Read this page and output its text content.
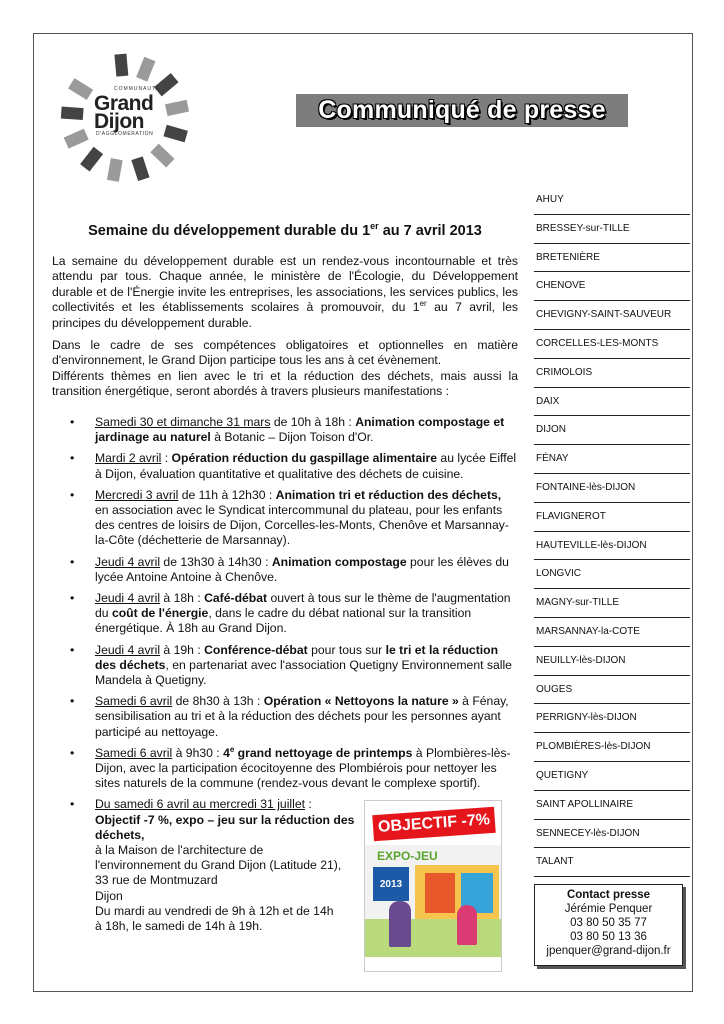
COMMUNAUTÉ
Grand
Dijon
D'AGGLOMÉRATION
Communiqué de presse
AHUY
BRESSEY-sur-TILLE
BRETENIÈRE
CHENOVE
CHEVIGNY-SAINT-SAUVEUR
CORCELLES-LES-MONTS
CRIMOLOIS
DAIX
DIJON
FÉNAY
FONTAINE-lès-DIJON
FLAVIGNEROT
HAUTEVILLE-lès-DIJON
LONGVIC
MAGNY-sur-TILLE
MARSANNAY-la-COTE
NEUILLY-lès-DIJON
OUGES
PERRIGNY-lès-DIJON
PLOMBIÈRES-lès-DIJON
QUETIGNY
SAINT APOLLINAIRE
SENNECEY-lès-DIJON
TALANT
Semaine du développement durable du 1er au 7 avril 2013
La semaine du développement durable est un rendez-vous incontournable et très attendu par tous. Chaque année, le ministère de l'Écologie, du Développement durable et de l'Énergie invite les entreprises, les associations, les services publics, les collectivités et les établissements scolaires à promouvoir, du 1er au 7 avril, les principes du développement durable.
Dans le cadre de ses compétences obligatoires et optionnelles en matière d'environnement, le Grand Dijon participe tous les ans à cet évènement.
Différents thèmes en lien avec le tri et la réduction des déchets, mais aussi la transition énergétique, seront abordés à travers plusieurs manifestations :
• Samedi 30 et dimanche 31 mars de 10h à 18h : Animation compostage et jardinage au naturel à Botanic – Dijon Toison d'Or.
• Mardi 2 avril : Opération réduction du gaspillage alimentaire au lycée Eiffel à Dijon, évaluation quantitative et qualitative des déchets de cuisine.
• Mercredi 3 avril de 11h à 12h30 : Animation tri et réduction des déchets, en association avec le Syndicat intercommunal du plateau, pour les enfants des centres de loisirs de Dijon, Corcelles-les-Monts, Chenôve et Marsannay-la-Côte (déchetterie de Marsannay).
• Jeudi 4 avril de 13h30 à 14h30 : Animation compostage pour les élèves du lycée Antoine Antoine à Chenôve.
• Jeudi 4 avril à 18h : Café-débat ouvert à tous sur le thème de l'augmentation du coût de l'énergie, dans le cadre du débat national sur la transition énergétique. À 18h au Grand Dijon.
• Jeudi 4 avril à 19h : Conférence-débat pour tous sur le tri et la réduction des déchets, en partenariat avec l'association Quetigny Environnement salle Mandela à Quetigny.
• Samedi 6 avril de 8h30 à 13h : Opération « Nettoyons la nature » à Fénay, sensibilisation au tri et à la réduction des déchets pour les personnes ayant participé au nettoyage.
• Samedi 6 avril à 9h30 : 4e grand nettoyage de printemps à Plombières-lès-Dijon, avec la participation écocitoyenne des Plombiérois pour nettoyer les sites naturels de la commune (rendez-vous devant le complexe sportif).
• Du samedi 6 avril au mercredi 31 juillet :
Objectif -7 %, expo – jeu sur la réduction des déchets,
à la Maison de l'architecture de
l'environnement du Grand Dijon (Latitude 21),
33 rue de Montmuzard
Dijon
Du mardi au vendredi de 9h à 12h et de 14h
à 18h, le samedi de 14h à 19h.
OBJECTIF -7%
EXPO-JEU
2013
Contact presse
Jérémie Penquer
03 80 50 35 77
03 80 50 13 36
jpenquer@grand-dijon.fr
